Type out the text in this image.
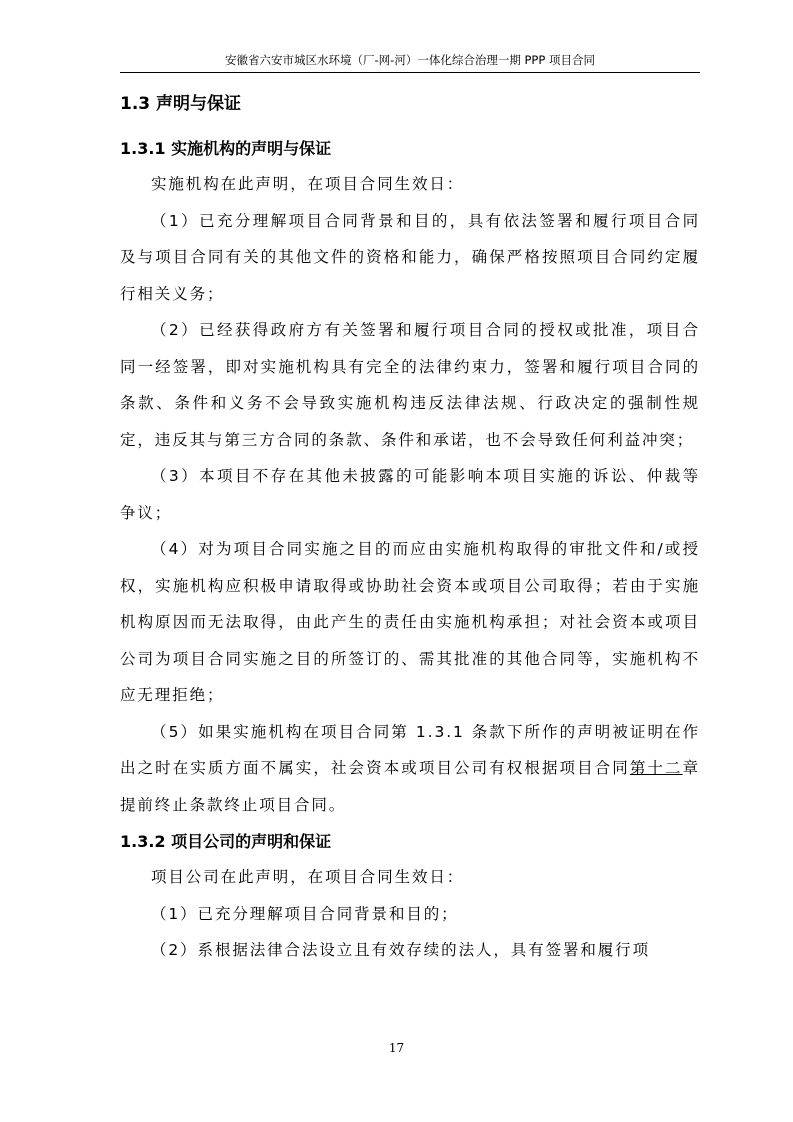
安徽省六安市城区水环境（厂-网-河）一体化综合治理一期 PPP 项目合同
1.3 声明与保证
1.3.1 实施机构的声明与保证

实施机构在此声明，在项目合同生效日：

（1）已充分理解项目合同背景和目的，具有依法签署和履行项目合同及与项目合同有关的其他文件的资格和能力，确保严格按照项目合同约定履行相关义务；

（2）已经获得政府方有关签署和履行项目合同的授权或批准，项目合同一经签署，即对实施机构具有完全的法律约束力，签署和履行项目合同的条款、条件和义务不会导致实施机构违反法律法规、行政决定的强制性规定，违反其与第三方合同的条款、条件和承诺，也不会导致任何利益冲突；

（3）本项目不存在其他未披露的可能影响本项目实施的诉讼、仲裁等争议；

（4）对为项目合同实施之目的而应由实施机构取得的审批文件和/或授权，实施机构应积极申请取得或协助社会资本或项目公司取得；若由于实施机构原因而无法取得，由此产生的责任由实施机构承担；对社会资本或项目公司为项目合同实施之目的所签订的、需其批准的其他合同等，实施机构不应无理拒绝；

（5）如果实施机构在项目合同第 1.3.1 条款下所作的声明被证明在作出之时在实质方面不属实，社会资本或项目公司有权根据项目合同第十二章提前终止条款终止项目合同。

1.3.2 项目公司的声明和保证

项目公司在此声明，在项目合同生效日：

（1）已充分理解项目合同背景和目的；

（2）系根据法律合法设立且有效存续的法人，具有签署和履行项

17
